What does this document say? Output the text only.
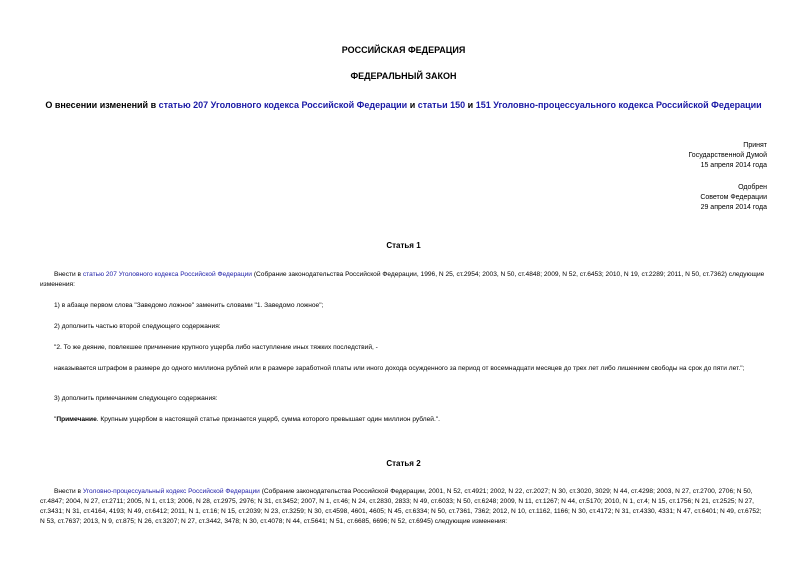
РОССИЙСКАЯ ФЕДЕРАЦИЯ
ФЕДЕРАЛЬНЫЙ ЗАКОН
О внесении изменений в статью 207 Уголовного кодекса Российской Федерации и статьи 150 и 151 Уголовно-процессуального кодекса Российской Федерации
Принят
Государственной Думой
15 апреля 2014 года
Одобрен
Советом Федерации
29 апреля 2014 года
Статья 1
Внести в статью 207 Уголовного кодекса Российской Федерации (Собрание законодательства Российской Федерации, 1996, N 25, ст.2954; 2003, N 50, ст.4848; 2009, N 52, ст.6453; 2010, N 19, ст.2289; 2011, N 50, ст.7362) следующие изменения:
1) в абзаце первом слова "Заведомо ложное" заменить словами "1. Заведомо ложное";
2) дополнить частью второй следующего содержания:
"2. То же деяние, повлекшее причинение крупного ущерба либо наступление иных тяжких последствий, -
наказывается штрафом в размере до одного миллиона рублей или в размере заработной платы или иного дохода осужденного за период от восемнадцати месяцев до трех лет либо лишением свободы на срок до пяти лет.";
3) дополнить примечанием следующего содержания:
"Примечание. Крупным ущербом в настоящей статье признается ущерб, сумма которого превышает один миллион рублей.".
Статья 2
Внести в Уголовно-процессуальный кодекс Российской Федерации (Собрание законодательства Российской Федерации, 2001, N 52, ст.4921; 2002, N 22, ст.2027; N 30, ст.3020, 3029; N 44, ст.4298; 2003, N 27, ст.2700, 2706; N 50, ст.4847; 2004, N 27, ст.2711; 2005, N 1, ст.13; 2006, N 28, ст.2975, 2976; N 31, ст.3452; 2007, N 1, ст.46; N 24, ст.2830, 2833; N 49, ст.6033; N 50, ст.6248; 2009, N 11, ст.1267; N 44, ст.5170; 2010, N 1, ст.4; N 15, ст.1756; N 21, ст.2525; N 27, ст.3431; N 31, ст.4164, 4193; N 49, ст.6412; 2011, N 1, ст.16; N 15, ст.2039; N 23, ст.3259; N 30, ст.4598, 4601, 4605; N 45, ст.6334; N 50, ст.7361, 7362; 2012, N 10, ст.1162, 1166; N 30, ст.4172; N 31, ст.4330, 4331; N 47, ст.6401; N 49, ст.6752; N 53, ст.7637; 2013, N 9, ст.875; N 26, ст.3207; N 27, ст.3442, 3478; N 30, ст.4078; N 44, ст.5641; N 51, ст.6685, 6696; N 52, ст.6945) следующие изменения:
